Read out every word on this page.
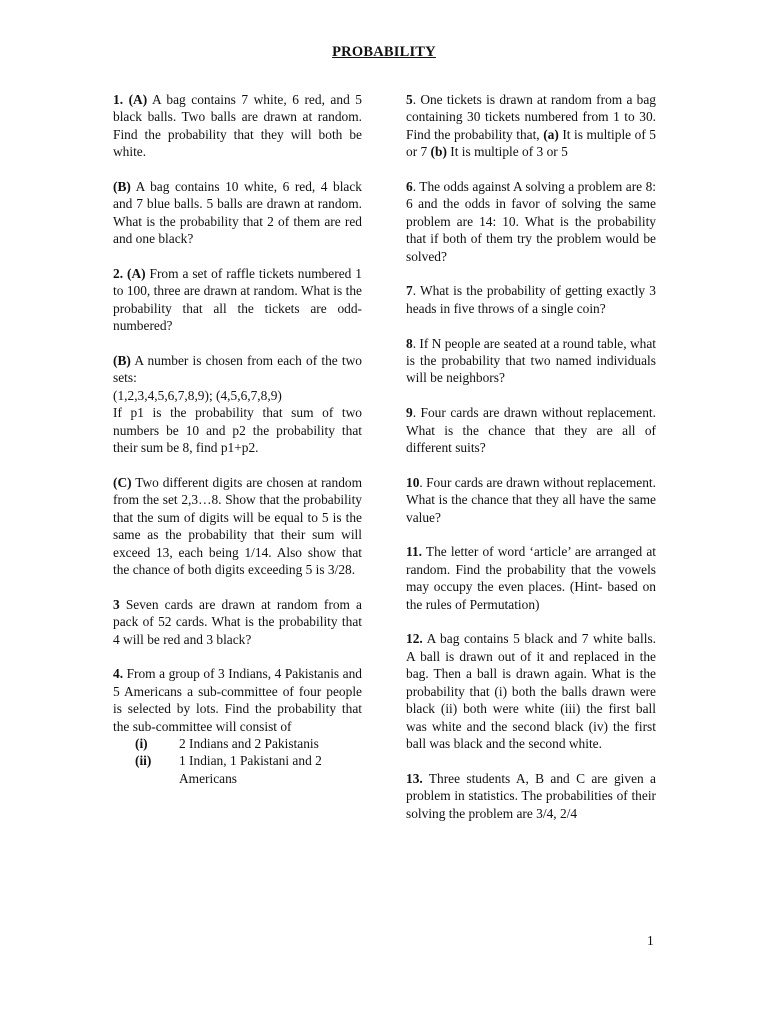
PROBABILITY

1. (A) A bag contains 7 white, 6 red, and 5 black balls. Two balls are drawn at random. Find the probability that they will both be white.

(B) A bag contains 10 white, 6 red, 4 black and 7 blue balls. 5 balls are drawn at random. What is the probability that 2 of them are red and one black?

2. (A) From a set of raffle tickets numbered 1 to 100, three are drawn at random. What is the probability that all the tickets are odd-numbered?

(B) A number is chosen from each of the two sets:
(1,2,3,4,5,6,7,8,9); (4,5,6,7,8,9)
If p1 is the probability that sum of two numbers be 10 and p2 the probability that their sum be 8, find p1+p2.

(C) Two different digits are chosen at random from the set 2,3…8. Show that the probability that the sum of digits will be equal to 5 is the same as the probability that their sum will exceed 13, each being 1/14. Also show that the chance of both digits exceeding 5 is 3/28.

3 Seven cards are drawn at random from a pack of 52 cards. What is the probability that 4 will be red and 3 black?

4. From a group of 3 Indians, 4 Pakistanis and 5 Americans a sub-committee of four people is selected by lots. Find the probability that the sub-committee will consist of

(i)	2 Indians and 2 Pakistanis
(ii)	1 Indian, 1 Pakistani and 2 Americans

5. One tickets is drawn at random from a bag containing 30 tickets numbered from 1 to 30. Find the probability that, (a) It is multiple of 5 or 7 (b) It is multiple of 3 or 5

6. The odds against A solving a problem are 8: 6 and the odds in favor of solving the same problem are 14: 10. What is the probability that if both of them try the problem would be solved?

7. What is the probability of getting exactly 3 heads in five throws of a single coin?

8. If N people are seated at a round table, what is the probability that two named individuals will be neighbors?

9. Four cards are drawn without replacement. What is the chance that they are all of different suits?

10. Four cards are drawn without replacement. What is the chance that they all have the same value?

11. The letter of word ‘article’ are arranged at random. Find the probability that the vowels may occupy the even places. (Hint- based on the rules of Permutation)

12. A bag contains 5 black and 7 white balls. A ball is drawn out of it and replaced in the bag. Then a ball is drawn again. What is the probability that (i) both the balls drawn were black (ii) both were white (iii) the first ball was white and the second black (iv) the first ball was black and the second white.

13. Three students A, B and C are given a problem in statistics. The probabilities of their solving the problem are 3/4, 2/4

1
